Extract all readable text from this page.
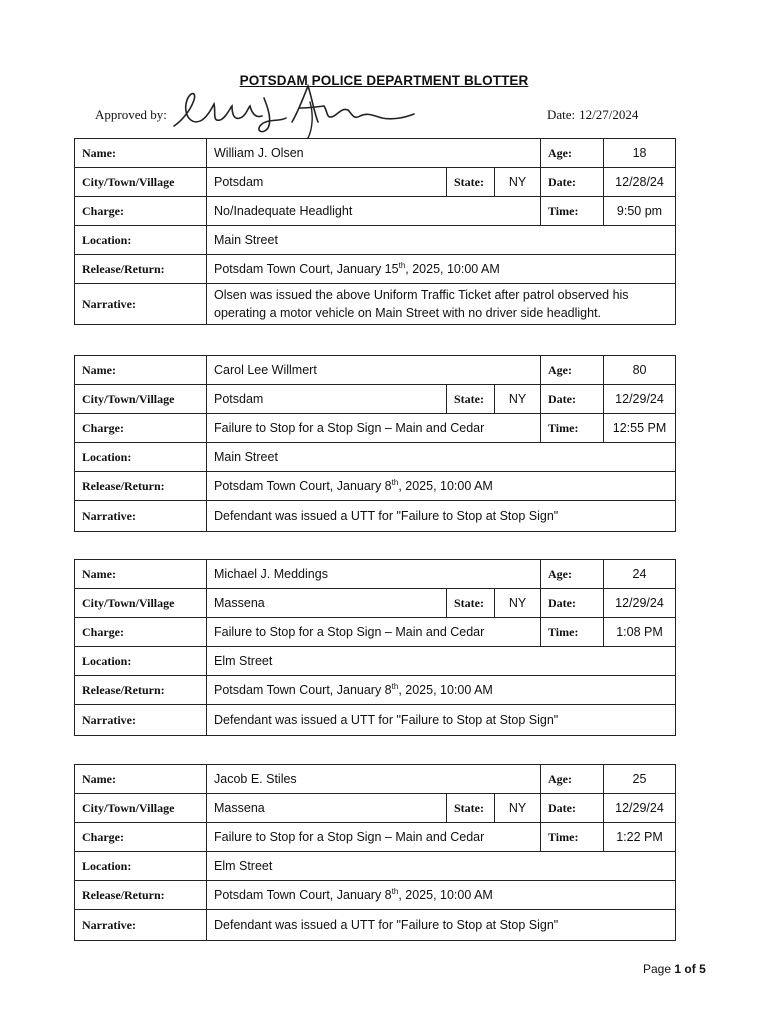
POTSDAM POLICE DEPARTMENT BLOTTER
Approved by:	Date: 12/27/2024
Name:	William J. Olsen			Age:	18
City/Town/Village	Potsdam	State:	NY	Date:	12/28/24
Charge:	No/Inadequate Headlight			Time:	9:50 pm
Location:	Main Street				
Release/Return:	Potsdam Town Court, January 15th, 2025, 10:00 AM				
Narrative:	Olsen was issued the above Uniform Traffic Ticket after patrol observed his operating a motor vehicle on Main Street with no driver side headlight.				
Name:	Carol Lee Willmert			Age:	80
City/Town/Village	Potsdam	State:	NY	Date:	12/29/24
Charge:	Failure to Stop for a Stop Sign – Main and Cedar			Time:	12:55 PM
Location:	Main Street				
Release/Return:	Potsdam Town Court, January 8th, 2025, 10:00 AM				
Narrative:	Defendant was issued a UTT for "Failure to Stop at Stop Sign"				
Name:	Michael J. Meddings			Age:	24
City/Town/Village	Massena	State:	NY	Date:	12/29/24
Charge:	Failure to Stop for a Stop Sign – Main and Cedar			Time:	1:08 PM
Location:	Elm Street				
Release/Return:	Potsdam Town Court, January 8th, 2025, 10:00 AM				
Narrative:	Defendant was issued a UTT for "Failure to Stop at Stop Sign"				
Name:	Jacob E. Stiles			Age:	25
City/Town/Village	Massena	State:	NY	Date:	12/29/24
Charge:	Failure to Stop for a Stop Sign – Main and Cedar			Time:	1:22 PM
Location:	Elm Street				
Release/Return:	Potsdam Town Court, January 8th, 2025, 10:00 AM				
Narrative:	Defendant was issued a UTT for "Failure to Stop at Stop Sign"				
Page 1 of 5
